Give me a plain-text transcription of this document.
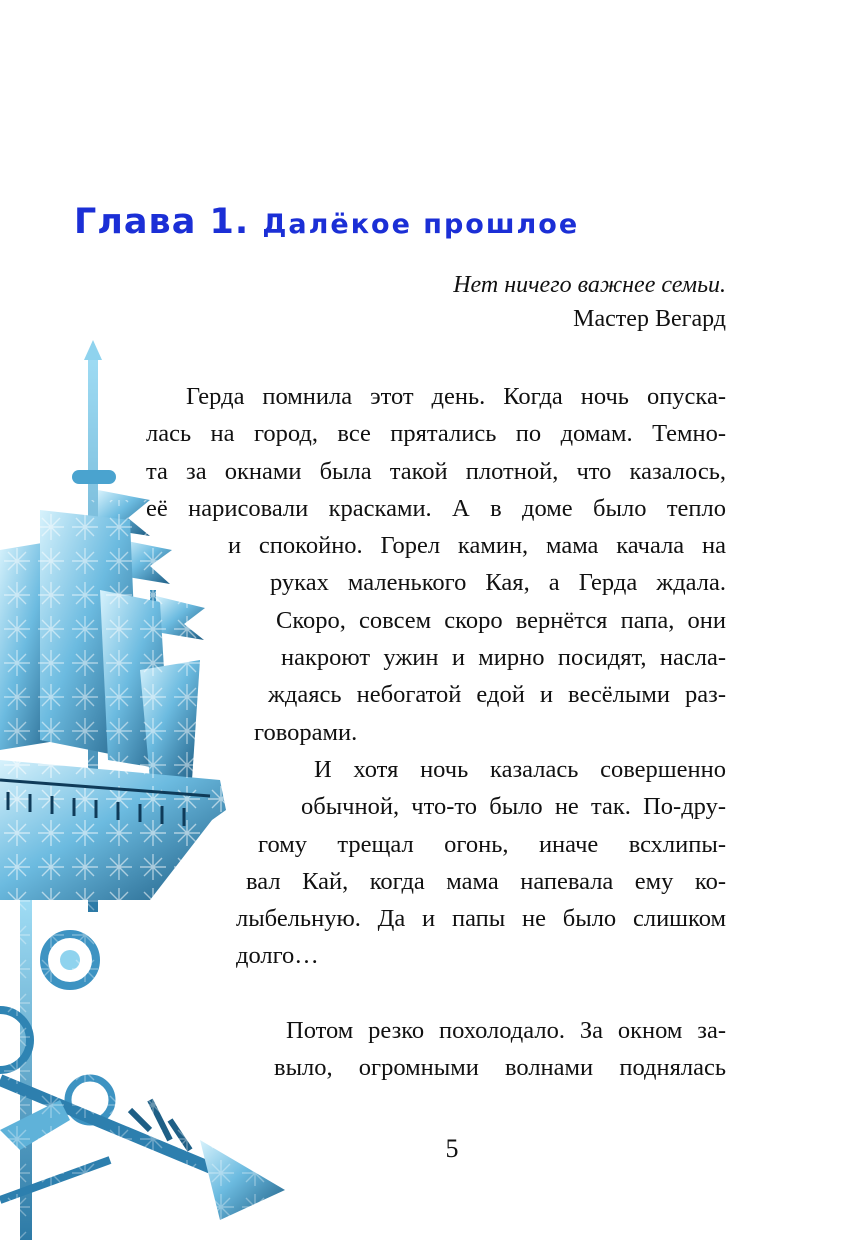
Глава 1. Далёкое прошлое
Нет ничего важнее семьи.
Мастер Вегард
Герда помнила этот день. Когда ночь опуска-
лась на город, все прятались по домам. Темно-
та за окнами была такой плотной, что казалось,
её нарисовали красками. А в доме было тепло
и спокойно. Горел камин, мама качала на
руках маленького Кая, а Герда ждала.
Скоро, совсем скоро вернётся папа, они
накроют ужин и мирно посидят, насла-
ждаясь небогатой едой и весёлыми раз-
говорами.
И хотя ночь казалась совершенно
обычной, что-то было не так. По-дру-
гому трещал огонь, иначе всхлипы-
вал Кай, когда мама напевала ему ко-
лыбельную. Да и папы не было слишком
долго…
Потом резко похолодало. За окном за-
выло, огромными волнами поднялась
5
